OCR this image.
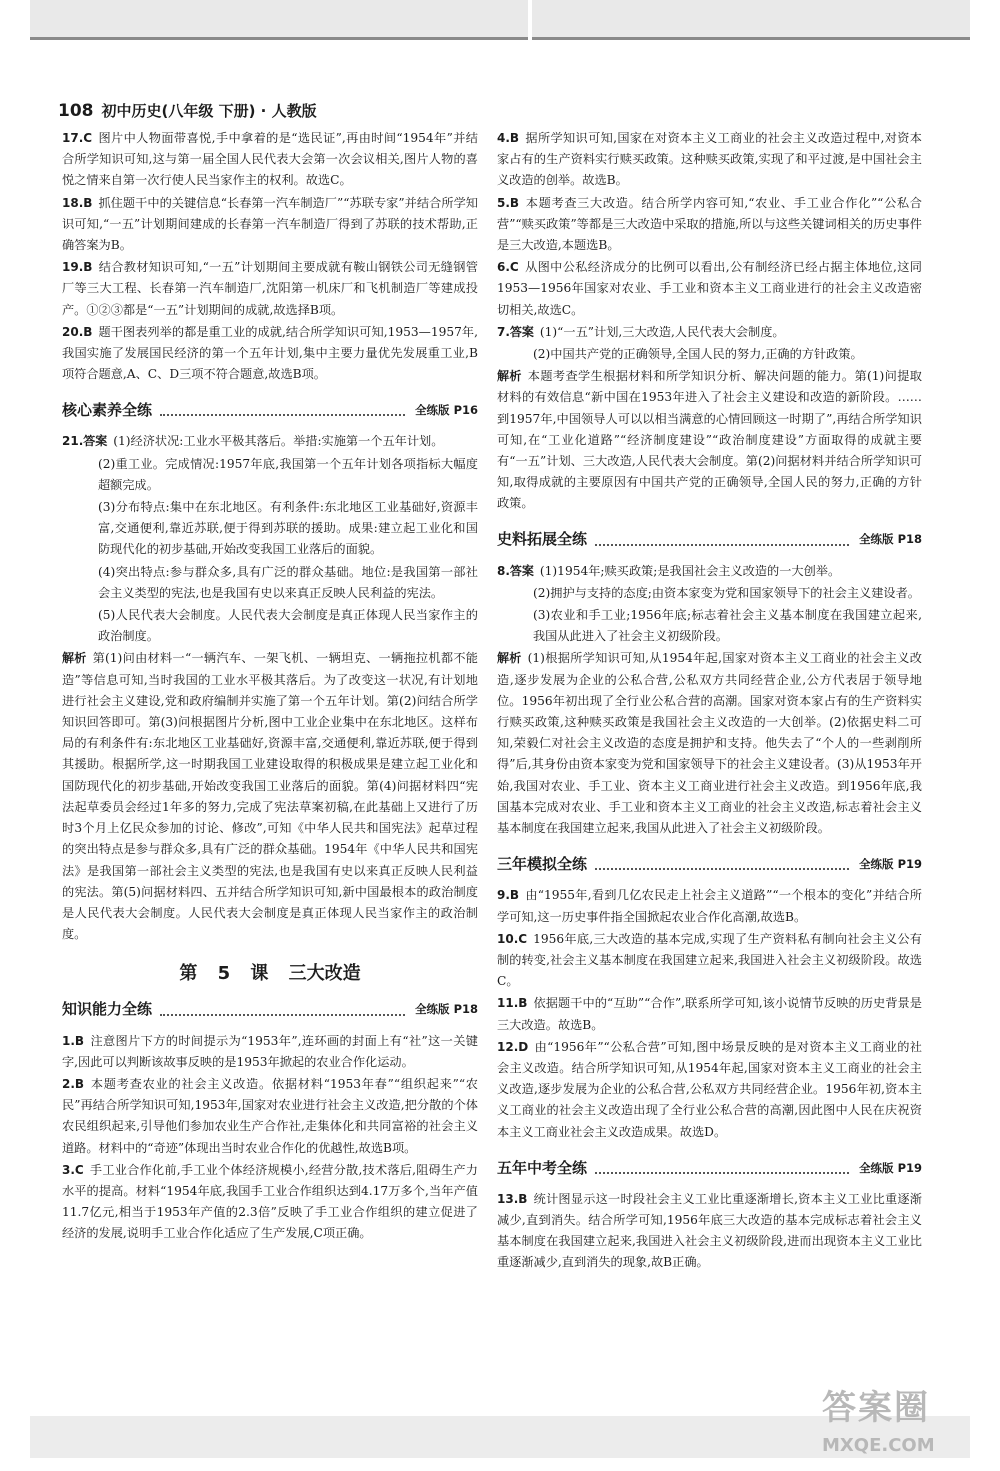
108 初中历史(八年级 下册) · 人教版
17.C 图片中人物面带喜悦,手中拿着的是“选民证”,再由时间“1954年”并结合所学知识可知,这与第一届全国人民代表大会第一次会议相关,图片人物的喜悦之情来自第一次行使人民当家作主的权利。故选C。
18.B 抓住题干中的关键信息“长春第一汽车制造厂”“苏联专家”并结合所学知识可知,“一五”计划期间建成的长春第一汽车制造厂得到了苏联的技术帮助,正确答案为B。
19.B 结合教材知识可知,“一五”计划期间主要成就有鞍山钢铁公司无缝钢管厂等三大工程、长春第一汽车制造厂,沈阳第一机床厂和飞机制造厂等建成投产。①②③都是“一五”计划期间的成就,故选择B项。
20.B 题干图表列举的都是重工业的成就,结合所学知识可知,1953—1957年,我国实施了发展国民经济的第一个五年计划,集中主要力量优先发展重工业,B项符合题意,A、C、D三项不符合题意,故选B项。
核心素养全练	全练版 P16
21.答案 (1)经济状况:工业水平极其落后。举措:实施第一个五年计划。
(2)重工业。完成情况:1957年底,我国第一个五年计划各项指标大幅度超额完成。
(3)分布特点:集中在东北地区。有利条件:东北地区工业基础好,资源丰富,交通便利,靠近苏联,便于得到苏联的援助。成果:建立起工业化和国防现代化的初步基础,开始改变我国工业落后的面貌。
(4)突出特点:参与群众多,具有广泛的群众基础。地位:是我国第一部社会主义类型的宪法,也是我国有史以来真正反映人民利益的宪法。
(5)人民代表大会制度。人民代表大会制度是真正体现人民当家作主的政治制度。
解析 第(1)问由材料一“一辆汽车、一架飞机、一辆坦克、一辆拖拉机都不能造”等信息可知,当时我国的工业水平极其落后。为了改变这一状况,有计划地进行社会主义建设,党和政府编制并实施了第一个五年计划。第(2)问结合所学知识回答即可。第(3)问根据图片分析,图中工业企业集中在东北地区。这样布局的有利条件有:东北地区工业基础好,资源丰富,交通便利,靠近苏联,便于得到其援助。根据所学,这一时期我国工业建设取得的积极成果是建立起工业化和国防现代化的初步基础,开始改变我国工业落后的面貌。第(4)问据材料四“宪法起草委员会经过1年多的努力,完成了宪法草案初稿,在此基础上又进行了历时3个月上亿民众参加的讨论、修改”,可知《中华人民共和国宪法》起草过程的突出特点是参与群众多,具有广泛的群众基础。1954年《中华人民共和国宪法》是我国第一部社会主义类型的宪法,也是我国有史以来真正反映人民利益的宪法。第(5)问据材料四、五并结合所学知识可知,新中国最根本的政治制度是人民代表大会制度。人民代表大会制度是真正体现人民当家作主的政治制度。
第 5 课 三大改造
知识能力全练	全练版 P18
1.B 注意图片下方的时间提示为“1953年”,连环画的封面上有“社”这一关键字,因此可以判断该故事反映的是1953年掀起的农业合作化运动。
2.B 本题考查农业的社会主义改造。依据材料“1953年春”“组织起来”“农民”再结合所学知识可知,1953年,国家对农业进行社会主义改造,把分散的个体农民组织起来,引导他们参加农业生产合作社,走集体化和共同富裕的社会主义道路。材料中的“奇迹”体现出当时农业合作化的优越性,故选B项。
3.C 手工业合作化前,手工业个体经济规模小,经营分散,技术落后,阻碍生产力水平的提高。材料“1954年底,我国手工业合作组织达到4.17万多个,当年产值11.7亿元,相当于1953年产值的2.3倍”反映了手工业合作组织的建立促进了经济的发展,说明手工业合作化适应了生产发展,C项正确。
4.B 据所学知识可知,国家在对资本主义工商业的社会主义改造过程中,对资本家占有的生产资料实行赎买政策。这种赎买政策,实现了和平过渡,是中国社会主义改造的创举。故选B。
5.B 本题考查三大改造。结合所学内容可知,“农业、手工业合作化”“公私合营”“赎买政策”等都是三大改造中采取的措施,所以与这些关键词相关的历史事件是三大改造,本题选B。
6.C 从图中公私经济成分的比例可以看出,公有制经济已经占据主体地位,这同1953—1956年国家对农业、手工业和资本主义工商业进行的社会主义改造密切相关,故选C。
7.答案 (1)“一五”计划,三大改造,人民代表大会制度。
(2)中国共产党的正确领导,全国人民的努力,正确的方针政策。
解析 本题考查学生根据材料和所学知识分析、解决问题的能力。第(1)问提取材料的有效信息“新中国在1953年进入了社会主义建设和改造的新阶段。……到1957年,中国领导人可以以相当满意的心情回顾这一时期了”,再结合所学知识可知,在“工业化道路”“经济制度建设”“政治制度建设”方面取得的成就主要有“一五”计划、三大改造,人民代表大会制度。第(2)问据材料并结合所学知识可知,取得成就的主要原因有中国共产党的正确领导,全国人民的努力,正确的方针政策。
史料拓展全练	全练版 P18
8.答案 (1)1954年;赎买政策;是我国社会主义改造的一大创举。
(2)拥护与支持的态度;由资本家变为党和国家领导下的社会主义建设者。
(3)农业和手工业;1956年底;标志着社会主义基本制度在我国建立起来,我国从此进入了社会主义初级阶段。
解析 (1)根据所学知识可知,从1954年起,国家对资本主义工商业的社会主义改造,逐步发展为企业的公私合营,公私双方共同经营企业,公方代表居于领导地位。1956年初出现了全行业公私合营的高潮。国家对资本家占有的生产资料实行赎买政策,这种赎买政策是我国社会主义改造的一大创举。(2)依据史料二可知,荣毅仁对社会主义改造的态度是拥护和支持。他失去了“个人的一些剥削所得”后,其身份由资本家变为党和国家领导下的社会主义建设者。(3)从1953年开始,我国对农业、手工业、资本主义工商业进行社会主义改造。到1956年底,我国基本完成对农业、手工业和资本主义工商业的社会主义改造,标志着社会主义基本制度在我国建立起来,我国从此进入了社会主义初级阶段。
三年模拟全练	全练版 P19
9.B 由“1955年,看到几亿农民走上社会主义道路”“一个根本的变化”并结合所学可知,这一历史事件指全国掀起农业合作化高潮,故选B。
10.C 1956年底,三大改造的基本完成,实现了生产资料私有制向社会主义公有制的转变,社会主义基本制度在我国建立起来,我国进入社会主义初级阶段。故选C。
11.B 依据题干中的“互助”“合作”,联系所学可知,该小说情节反映的历史背景是三大改造。故选B。
12.D 由“1956年”“公私合营”可知,图中场景反映的是对资本主义工商业的社会主义改造。结合所学知识可知,从1954年起,国家对资本主义工商业的社会主义改造,逐步发展为企业的公私合营,公私双方共同经营企业。1956年初,资本主义工商业的社会主义改造出现了全行业公私合营的高潮,因此图中人民在庆祝资本主义工商业社会主义改造成果。故选D。
五年中考全练	全练版 P19
13.B 统计图显示这一时段社会主义工业比重逐渐增长,资本主义工业比重逐渐减少,直到消失。结合所学可知,1956年底三大改造的基本完成标志着社会主义基本制度在我国建立起来,我国进入社会主义初级阶段,进而出现资本主义工业比重逐渐减少,直到消失的现象,故B正确。
答案圈
MXQE.COM
